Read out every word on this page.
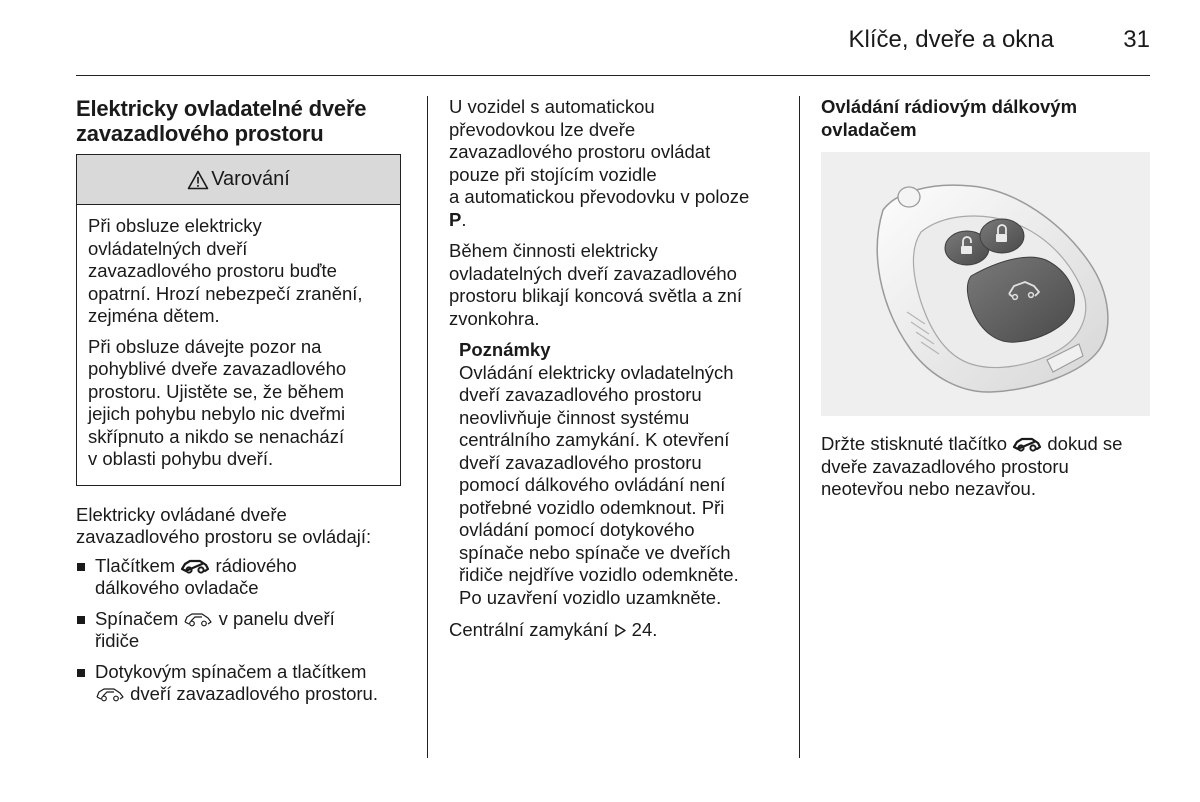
Klíče, dveře a okna	31
Elektricky ovladatelné dveře
zavazadlového prostoru
Varování
Při obsluze elektricky
ovládatelných dveří
zavazadlového prostoru buďte
opatrní. Hrozí nebezpečí zranění,
zejména dětem.
Při obsluze dávejte pozor na
pohyblivé dveře zavazadlového
prostoru. Ujistěte se, že během
jejich pohybu nebylo nic dveřmi
skřípnuto a nikdo se nenachází
v oblasti pohybu dveří.
Elektricky ovládané dveře
zavazadlového prostoru se ovládají:
Tlačítkem rádiového
dálkového ovladače
Spínačem v panelu dveří
řidiče
Dotykovým spínačem a tlačítkem
dveří zavazadlového prostoru.
U vozidel s automatickou
převodovkou lze dveře
zavazadlového prostoru ovládat
pouze při stojícím vozidle
a automatickou převodovku v poloze
P.
Během činnosti elektricky
ovladatelných dveří zavazadlového
prostoru blikají koncová světla a zní
zvonkohra.
Poznámky
Ovládání elektricky ovladatelných
dveří zavazadlového prostoru
neovlivňuje činnost systému
centrálního zamykání. K otevření
dveří zavazadlového prostoru
pomocí dálkového ovládání není
potřebné vozidlo odemknout. Při
ovládání pomocí dotykového
spínače nebo spínače ve dveřích
řidiče nejdříve vozidlo odemkněte.
Po uzavření vozidlo uzamkněte.
Centrální zamykání 24.
Ovládání rádiovým dálkovým
ovladačem
Držte stisknuté tlačítko dokud se
dveře zavazadlového prostoru
neotevřou nebo nezavřou.
